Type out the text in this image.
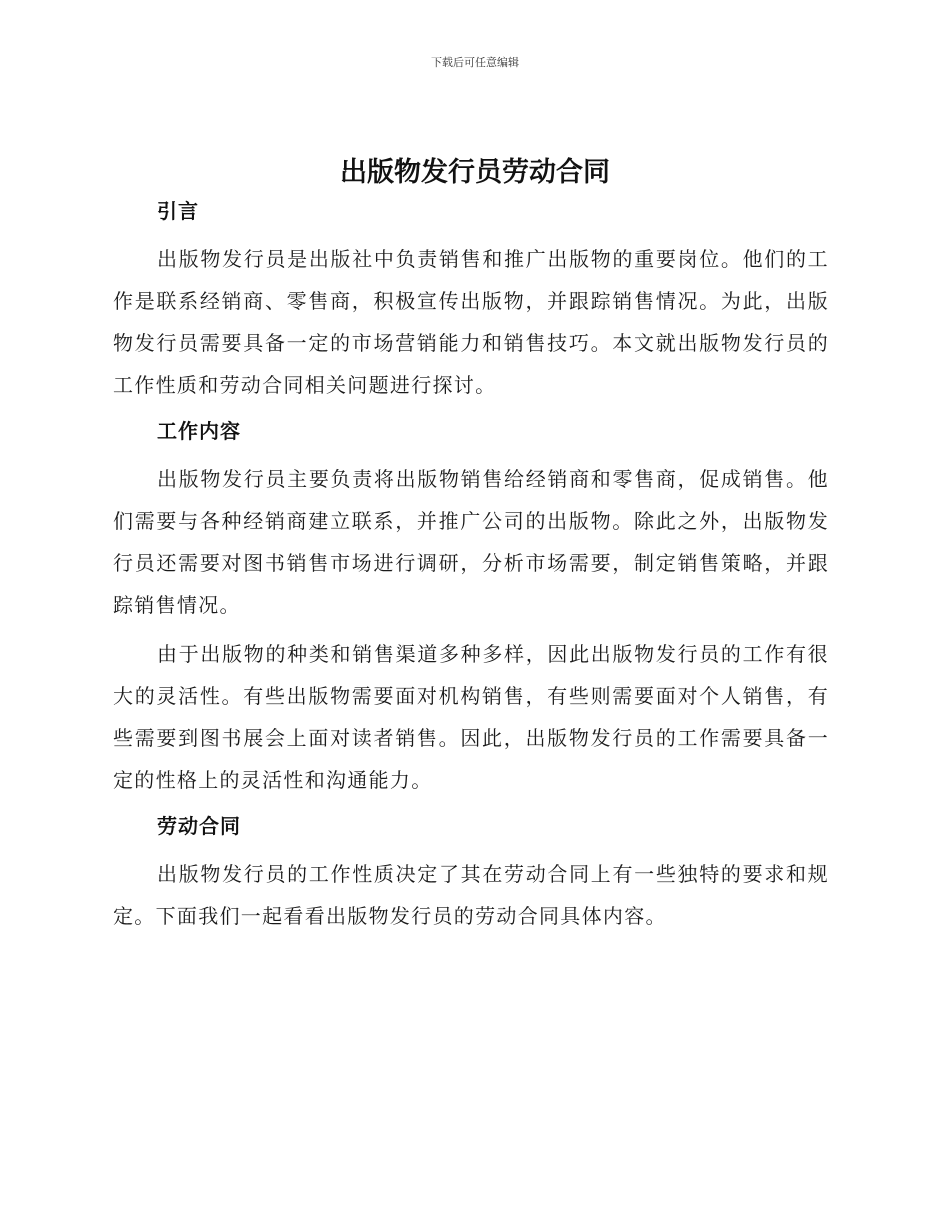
下载后可任意编辑
出版物发行员劳动合同
引言

出版物发行员是出版社中负责销售和推广出版物的重要岗位。他们的工作是联系经销商、零售商，积极宣传出版物，并跟踪销售情况。为此，出版物发行员需要具备一定的市场营销能力和销售技巧。本文就出版物发行员的工作性质和劳动合同相关问题进行探讨。

工作内容

出版物发行员主要负责将出版物销售给经销商和零售商，促成销售。他们需要与各种经销商建立联系，并推广公司的出版物。除此之外，出版物发行员还需要对图书销售市场进行调研，分析市场需要，制定销售策略，并跟踪销售情况。

由于出版物的种类和销售渠道多种多样，因此出版物发行员的工作有很大的灵活性。有些出版物需要面对机构销售，有些则需要面对个人销售，有些需要到图书展会上面对读者销售。因此，出版物发行员的工作需要具备一定的性格上的灵活性和沟通能力。

劳动合同

出版物发行员的工作性质决定了其在劳动合同上有一些独特的要求和规定。下面我们一起看看出版物发行员的劳动合同具体内容。
